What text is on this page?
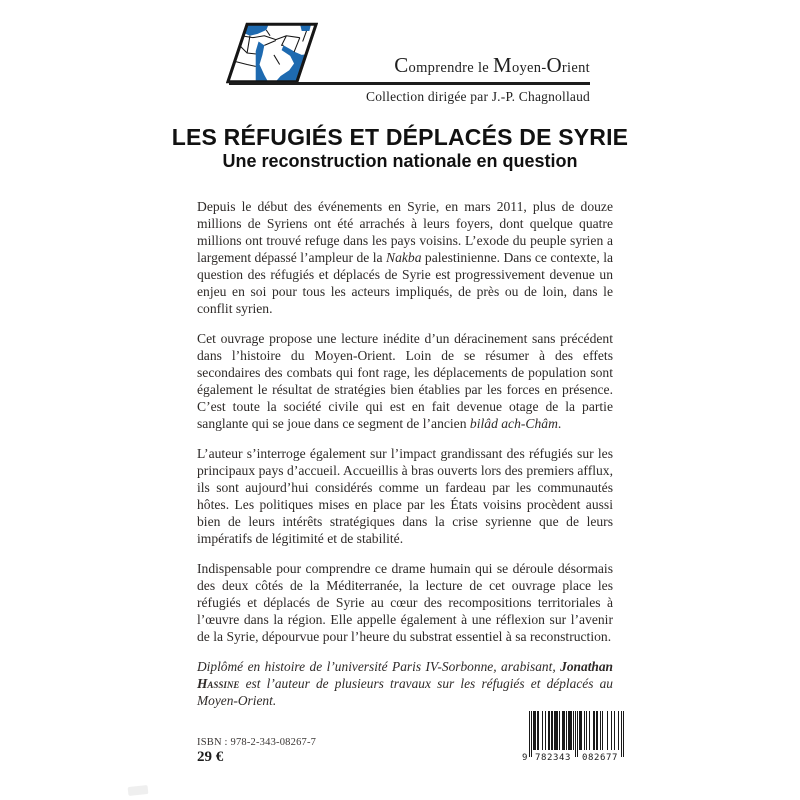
Comprendre le Moyen-Orient
Collection dirigée par J.-P. Chagnollaud
LES RÉFUGIÉS ET DÉPLACÉS DE SYRIE
Une reconstruction nationale en question

Depuis le début des événements en Syrie, en mars 2011, plus de douze millions de Syriens ont été arrachés à leurs foyers, dont quelque quatre millions ont trouvé refuge dans les pays voisins. L’exode du peuple syrien a largement dépassé l’ampleur de la Nakba palestinienne. Dans ce contexte, la question des réfugiés et déplacés de Syrie est progressivement devenue un enjeu en soi pour tous les acteurs impliqués, de près ou de loin, dans le conflit syrien.

Cet ouvrage propose une lecture inédite d’un déracinement sans précédent dans l’histoire du Moyen-Orient. Loin de se résumer à des effets secondaires des combats qui font rage, les déplacements de population sont également le résultat de stratégies bien établies par les forces en présence. C’est toute la société civile qui est en fait devenue otage de la partie sanglante qui se joue dans ce segment de l’ancien bilâd ach-Châm.

L’auteur s’interroge également sur l’impact grandissant des réfugiés sur les principaux pays d’accueil. Accueillis à bras ouverts lors des premiers afflux, ils sont aujourd’hui considérés comme un fardeau par les communautés hôtes. Les politiques mises en place par les États voisins procèdent aussi bien de leurs intérêts stratégiques dans la crise syrienne que de leurs impératifs de légitimité et de stabilité.

Indispensable pour comprendre ce drame humain qui se déroule désormais des deux côtés de la Méditerranée, la lecture de cet ouvrage place les réfugiés et déplacés de Syrie au cœur des recompositions territoriales à l’œuvre dans la région. Elle appelle également à une réflexion sur l’avenir de la Syrie, dépourvue pour l’heure du substrat essentiel à sa reconstruction.

Diplômé en histoire de l’université Paris IV-Sorbonne, arabisant, Jonathan Hassine est l’auteur de plusieurs travaux sur les réfugiés et déplacés au Moyen-Orient.

ISBN : 978-2-343-08267-7
29 €	9 782343 082677
